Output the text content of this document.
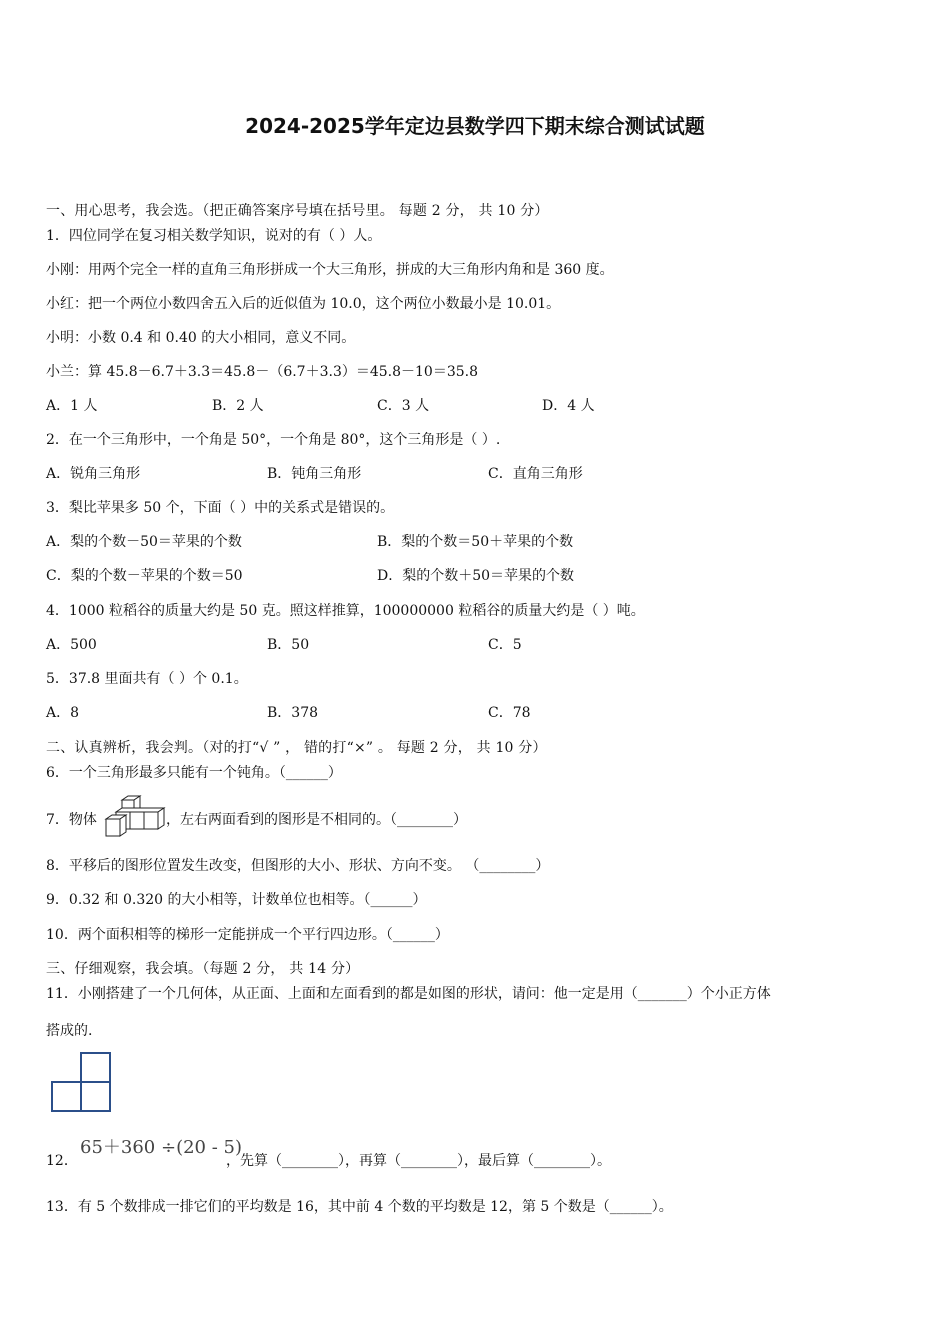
2024-2025学年定边县数学四下期末综合测试试题
一、用心思考，我会选。（把正确答案序号填在括号里。 每题 2 分， 共 10 分）
1．四位同学在复习相关数学知识，说对的有（ ）人。
小刚：用两个完全一样的直角三角形拼成一个大三角形，拼成的大三角形内角和是 360 度。
小红：把一个两位小数四舍五入后的近似值为 10.0，这个两位小数最小是 10.01。
小明：小数 0.4 和 0.40 的大小相同，意义不同。
小兰：算 45.8－6.7＋3.3＝45.8－（6.7＋3.3）＝45.8－10＝35.8
A．1 人	B．2 人	C．3 人	D．4 人
2．在一个三角形中，一个角是 50°，一个角是 80°，这个三角形是（ ）.
A．锐角三角形	B．钝角三角形	C．直角三角形
3．梨比苹果多 50 个，下面（ ）中的关系式是错误的。
A．梨的个数－50＝苹果的个数	B．梨的个数＝50＋苹果的个数
C．梨的个数－苹果的个数＝50	D．梨的个数＋50＝苹果的个数
4．1000 粒稻谷的质量大约是 50 克。照这样推算，100000000 粒稻谷的质量大约是（ ）吨。
A．500	B．50	C．5
5．37.8 里面共有（ ）个 0.1。
A．8	B．378	C．78
二、认真辨析，我会判。（对的打“√ ” ， 错的打“×” 。 每题 2 分， 共 10 分）
6．一个三角形最多只能有一个钝角。（______）
7．物体	，左右两面看到的图形是不相同的。（________）
8．平移后的图形位置发生改变，但图形的大小、形状、方向不变。 （________）
9．0.32 和 0.320 的大小相等，计数单位也相等。（______）
10．两个面积相等的梯形一定能拼成一个平行四边形。（______）
三、仔细观察，我会填。（每题 2 分， 共 14 分）
11．小刚搭建了一个几何体，从正面、上面和左面看到的都是如图的形状，请问：他一定是用（_______）个小正方体
搭成的.
12．
65＋360 ÷(20 - 5)
，先算（________），再算（________），最后算（________）。
13．有 5 个数排成一排它们的平均数是 16，其中前 4 个数的平均数是 12，第 5 个数是（______）。
